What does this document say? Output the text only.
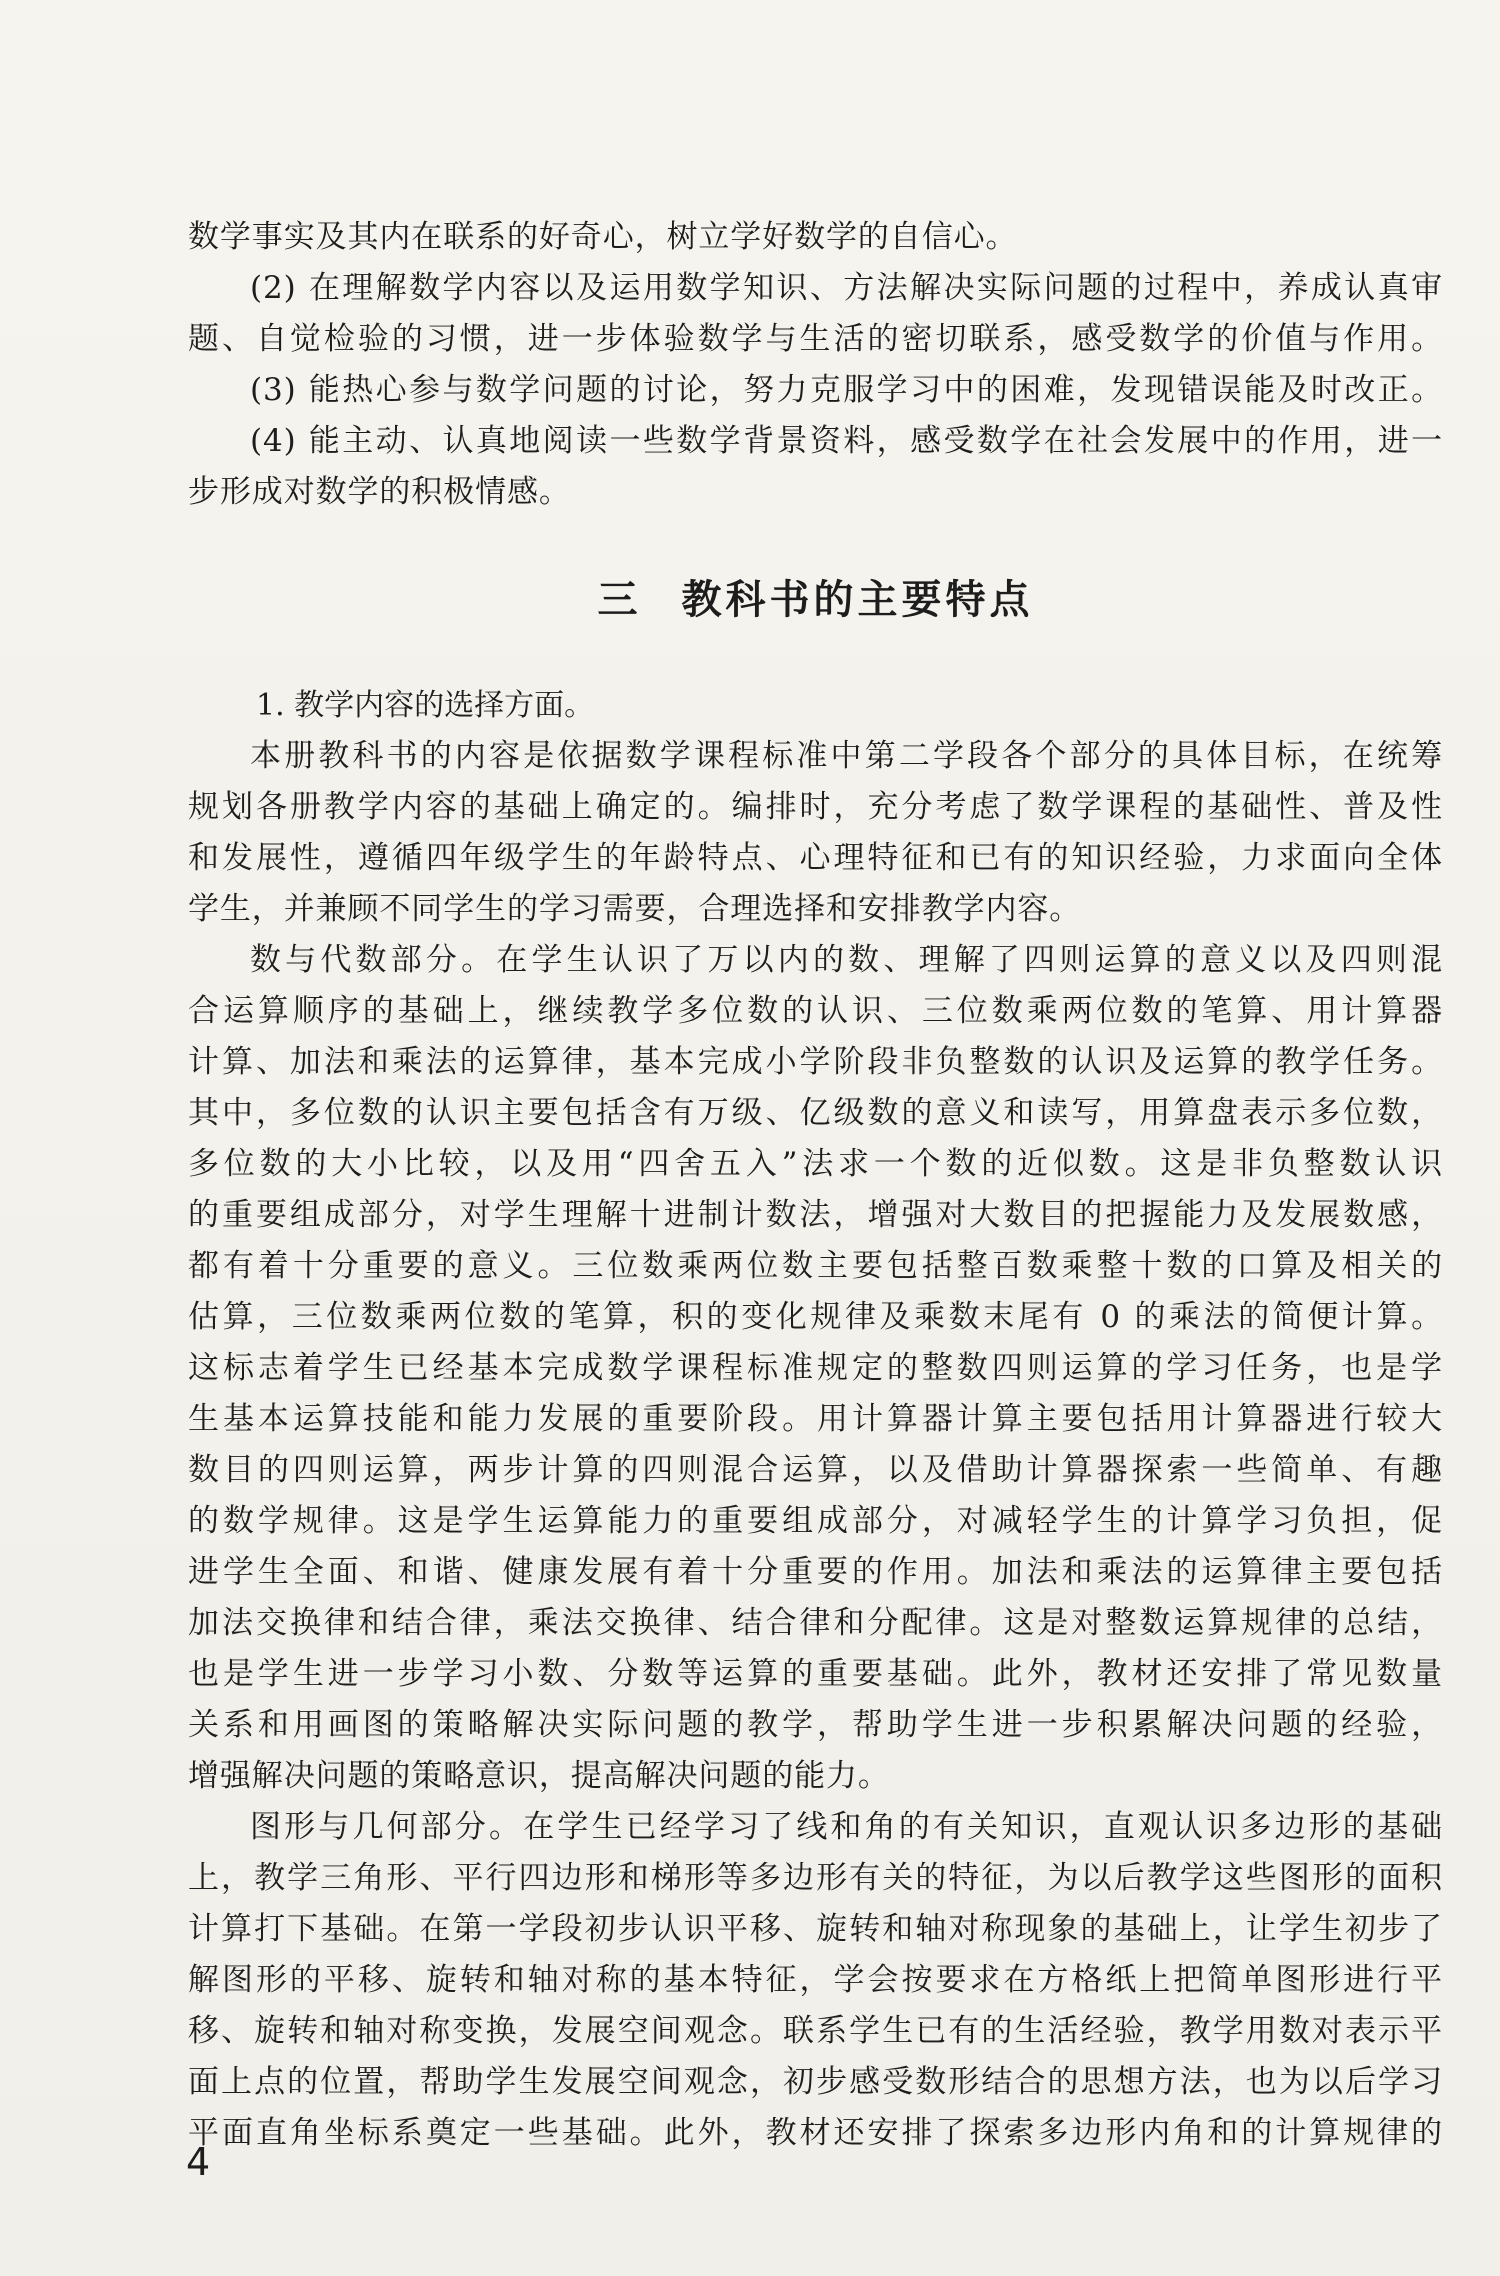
数学事实及其内在联系的好奇心，树立学好数学的自信心。

(2) 在理解数学内容以及运用数学知识、方法解决实际问题的过程中，养成认真审

题、自觉检验的习惯，进一步体验数学与生活的密切联系，感受数学的价值与作用。

(3) 能热心参与数学问题的讨论，努力克服学习中的困难，发现错误能及时改正。

(4) 能主动、认真地阅读一些数学背景资料，感受数学在社会发展中的作用，进一

步形成对数学的积极情感。

三 教科书的主要特点

1. 教学内容的选择方面。

本册教科书的内容是依据数学课程标准中第二学段各个部分的具体目标，在统筹

规划各册教学内容的基础上确定的。编排时，充分考虑了数学课程的基础性、普及性

和发展性，遵循四年级学生的年龄特点、心理特征和已有的知识经验，力求面向全体

学生，并兼顾不同学生的学习需要，合理选择和安排教学内容。

数与代数部分。在学生认识了万以内的数、理解了四则运算的意义以及四则混

合运算顺序的基础上，继续教学多位数的认识、三位数乘两位数的笔算、用计算器

计算、加法和乘法的运算律，基本完成小学阶段非负整数的认识及运算的教学任务。

其中，多位数的认识主要包括含有万级、亿级数的意义和读写，用算盘表示多位数，

多位数的大小比较，以及用“四舍五入”法求一个数的近似数。这是非负整数认识

的重要组成部分，对学生理解十进制计数法，增强对大数目的把握能力及发展数感，

都有着十分重要的意义。三位数乘两位数主要包括整百数乘整十数的口算及相关的

估算，三位数乘两位数的笔算，积的变化规律及乘数末尾有 0 的乘法的简便计算。

这标志着学生已经基本完成数学课程标准规定的整数四则运算的学习任务，也是学

生基本运算技能和能力发展的重要阶段。用计算器计算主要包括用计算器进行较大

数目的四则运算，两步计算的四则混合运算，以及借助计算器探索一些简单、有趣

的数学规律。这是学生运算能力的重要组成部分，对减轻学生的计算学习负担，促

进学生全面、和谐、健康发展有着十分重要的作用。加法和乘法的运算律主要包括

加法交换律和结合律，乘法交换律、结合律和分配律。这是对整数运算规律的总结，

也是学生进一步学习小数、分数等运算的重要基础。此外，教材还安排了常见数量

关系和用画图的策略解决实际问题的教学，帮助学生进一步积累解决问题的经验，

增强解决问题的策略意识，提高解决问题的能力。

图形与几何部分。在学生已经学习了线和角的有关知识，直观认识多边形的基础

上，教学三角形、平行四边形和梯形等多边形有关的特征，为以后教学这些图形的面积

计算打下基础。在第一学段初步认识平移、旋转和轴对称现象的基础上，让学生初步了

解图形的平移、旋转和轴对称的基本特征，学会按要求在方格纸上把简单图形进行平

移、旋转和轴对称变换，发展空间观念。联系学生已有的生活经验，教学用数对表示平

面上点的位置，帮助学生发展空间观念，初步感受数形结合的思想方法，也为以后学习

平面直角坐标系奠定一些基础。此外，教材还安排了探索多边形内角和的计算规律的

4
